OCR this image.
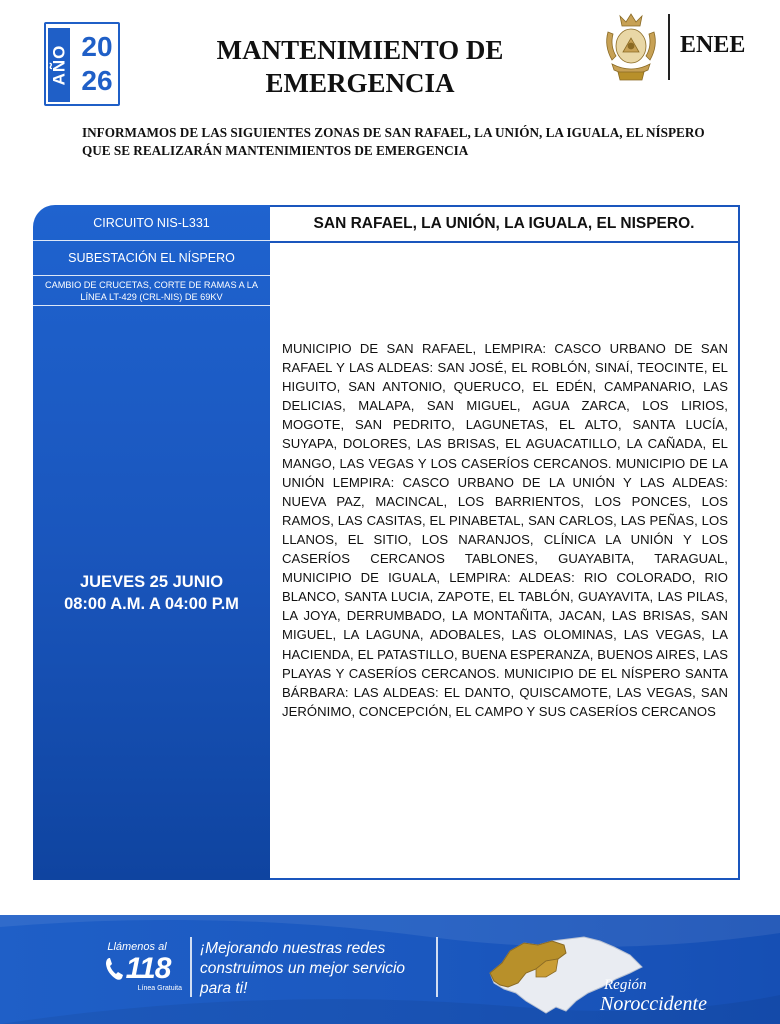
AÑO 20
26
MANTENIMIENTO DE
EMERGENCIA
ENEE
INFORMAMOS DE LAS SIGUIENTES ZONAS DE SAN RAFAEL, LA UNIÓN, LA IGUALA, EL NÍSPERO QUE SE REALIZARÁN MANTENIMIENTOS DE EMERGENCIA
CIRCUITO NIS-L331
SUBESTACIÓN EL NÍSPERO
CAMBIO DE CRUCETAS, CORTE DE RAMAS A LA LÍNEA LT-429 (CRL-NIS) DE 69KV
JUEVES 25 JUNIO
08:00 A.M. A 04:00 P.M
SAN RAFAEL, LA UNIÓN, LA IGUALA, EL NISPERO.
MUNICIPIO DE SAN RAFAEL, LEMPIRA: CASCO URBANO DE SAN RAFAEL Y LAS ALDEAS: SAN JOSÉ, EL ROBLÓN, SINAÍ, TEOCINTE, EL HIGUITO, SAN ANTONIO, QUERUCO, EL EDÉN, CAMPANARIO, LAS DELICIAS, MALAPA, SAN MIGUEL, AGUA ZARCA, LOS LIRIOS, MOGOTE, SAN PEDRITO, LAGUNETAS, EL ALTO, SANTA LUCÍA, SUYAPA, DOLORES, LAS BRISAS, EL AGUACATILLO, LA CAÑADA, EL MANGO, LAS VEGAS Y LOS CASERÍOS CERCANOS. MUNICIPIO DE LA UNIÓN LEMPIRA: CASCO URBANO DE LA UNIÓN Y LAS ALDEAS: NUEVA PAZ, MACINCAL, LOS BARRIENTOS, LOS PONCES, LOS RAMOS, LAS CASITAS, EL PINABETAL, SAN CARLOS, LAS PEÑAS, LOS LLANOS, EL SITIO, LOS NARANJOS, CLÍNICA LA UNIÓN Y LOS CASERÍOS CERCANOS TABLONES, GUAYABITA, TARAGUAL, MUNICIPIO DE IGUALA, LEMPIRA: ALDEAS: RIO COLORADO, RIO BLANCO, SANTA LUCIA, ZAPOTE, EL TABLÓN, GUAYAVITA, LAS PILAS, LA JOYA, DERRUMBADO, LA MONTAÑITA, JACAN, LAS BRISAS, SAN MIGUEL, LA LAGUNA, ADOBALES, LAS OLOMINAS, LAS VEGAS, LA HACIENDA, EL PATASTILLO, BUENA ESPERANZA, BUENOS AIRES, LAS PLAYAS Y CASERÍOS CERCANOS. MUNICIPIO DE EL NÍSPERO SANTA BÁRBARA: LAS ALDEAS: EL DANTO, QUISCAMOTE, LAS VEGAS, SAN JERÓNIMO, CONCEPCIÓN, EL CAMPO Y SUS CASERÍOS CERCANOS
Llámenos al
118
Línea Gratuita
¡Mejorando nuestras redes construimos un mejor servicio para ti!	Región
Noroccidente
